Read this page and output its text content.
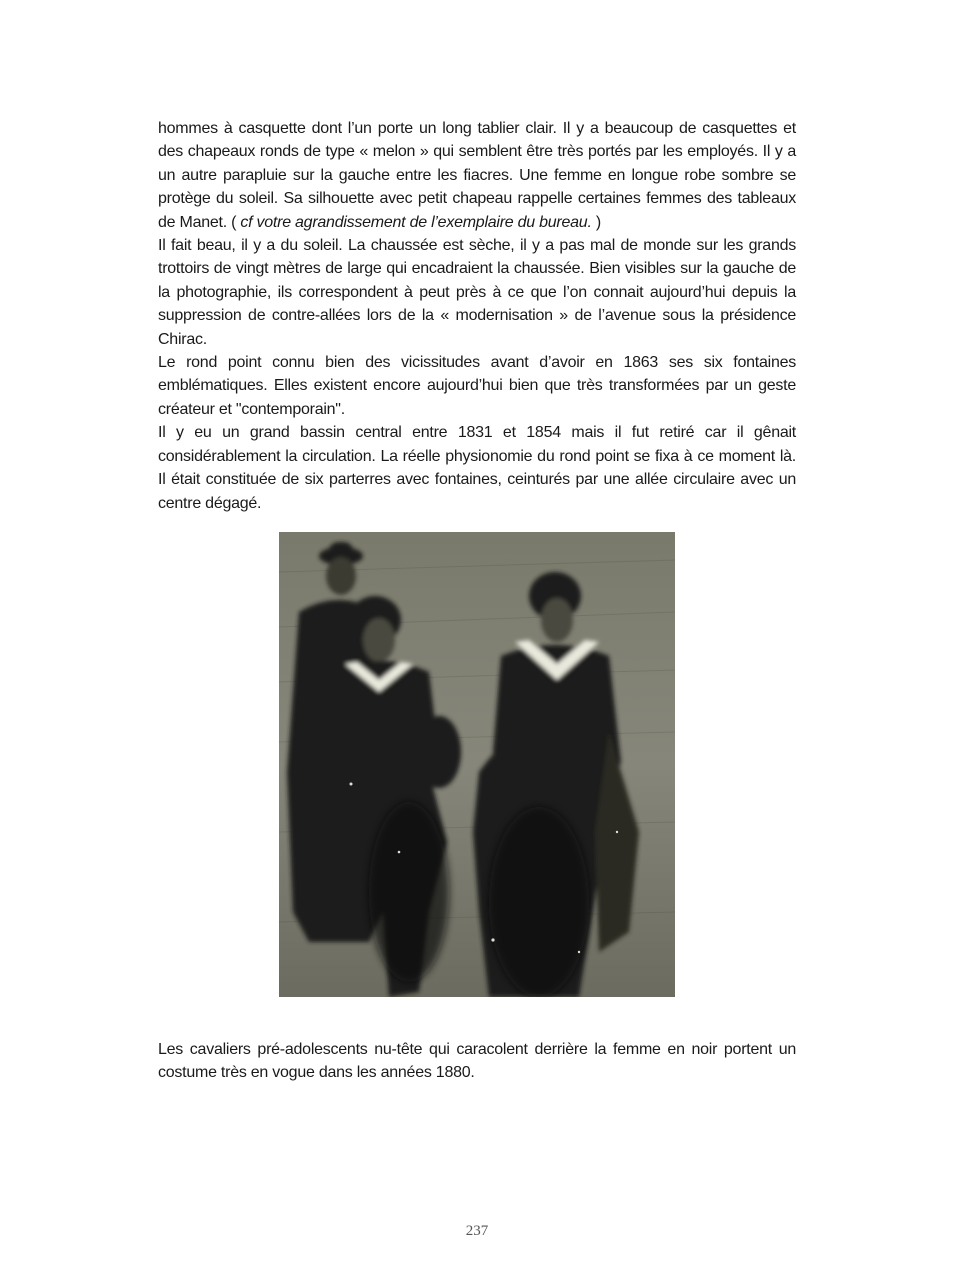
hommes à casquette dont l’un porte un long tablier clair. Il y a beaucoup de casquettes et des chapeaux ronds de type « melon » qui semblent être très portés par les employés. Il y a un autre parapluie sur la gauche entre les fiacres. Une femme en longue robe sombre se protège du soleil. Sa silhouette avec petit chapeau rappelle certaines femmes des tableaux de Manet. ( cf votre agrandissement de l’exemplaire du bureau. )

Il fait beau, il y a du soleil. La chaussée est sèche, il y a pas mal de monde sur les grands trottoirs de vingt mètres de large qui encadraient la chaussée. Bien visibles sur la gauche de la photographie, ils correspondent à peut près à ce que l’on connait aujourd’hui depuis la suppression de contre-allées lors de la « modernisation » de l’avenue sous la présidence Chirac.

Le rond point connu bien des vicissitudes avant d’avoir en 1863 ses six fontaines emblématiques. Elles existent encore aujourd’hui bien que très transformées par un geste créateur et "contemporain".

Il y eu un grand bassin central entre 1831 et 1854 mais il fut retiré car il gênait considérablement la circulation. La réelle physionomie du rond point se fixa à ce moment là. Il était constituée de six parterres avec fontaines, ceinturés par une allée circulaire avec un centre dégagé.

Les cavaliers pré-adolescents nu-tête qui caracolent derrière la femme en noir portent un costume très en vogue dans les années 1880.
237
